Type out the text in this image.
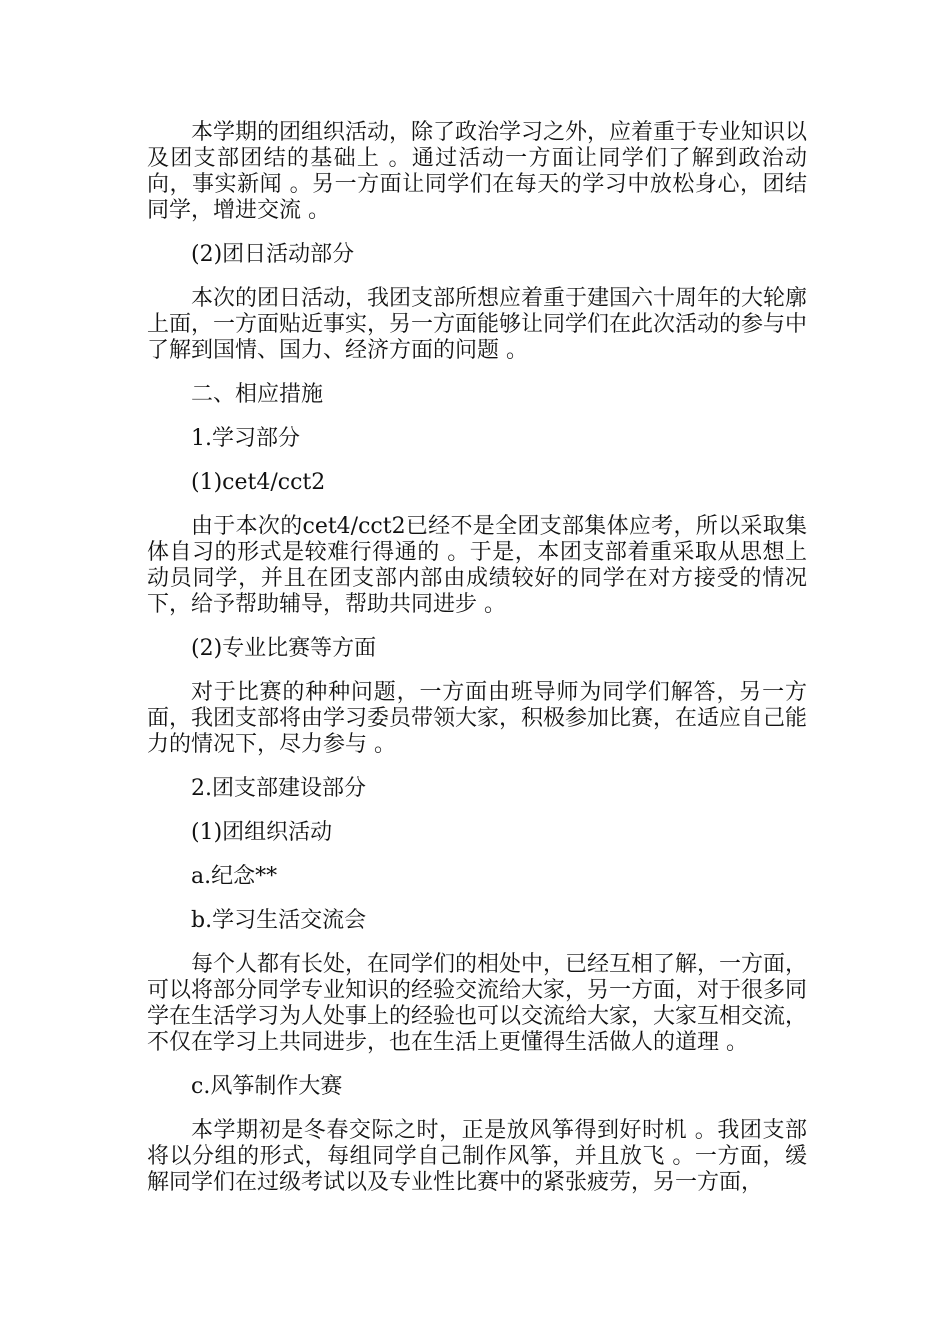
本学期的团组织活动，除了政治学习之外，应着重于专业知识以及团支部团结的基础上 。通过活动一方面让同学们了解到政治动向，事实新闻 。另一方面让同学们在每天的学习中放松身心，团结同学，增进交流 。

(2)团日活动部分

本次的团日活动，我团支部所想应着重于建国六十周年的大轮廓上面，一方面贴近事实，另一方面能够让同学们在此次活动的参与中了解到国情、国力、经济方面的问题 。

二、相应措施

1.学习部分

(1)cet4/cct2

由于本次的cet4/cct2已经不是全团支部集体应考，所以采取集体自习的形式是较难行得通的 。于是，本团支部着重采取从思想上动员同学，并且在团支部内部由成绩较好的同学在对方接受的情况下，给予帮助辅导，帮助共同进步 。

(2)专业比赛等方面

对于比赛的种种问题，一方面由班导师为同学们解答，另一方面，我团支部将由学习委员带领大家，积极参加比赛，在适应自己能力的情况下，尽力参与 。

2.团支部建设部分

(1)团组织活动

a.纪念**

b.学习生活交流会

每个人都有长处，在同学们的相处中，已经互相了解，一方面，可以将部分同学专业知识的经验交流给大家，另一方面，对于很多同学在生活学习为人处事上的经验也可以交流给大家，大家互相交流，不仅在学习上共同进步，也在生活上更懂得生活做人的道理 。

c.风筝制作大赛

本学期初是冬春交际之时，正是放风筝得到好时机 。我团支部将以分组的形式，每组同学自己制作风筝，并且放飞 。一方面，缓解同学们在过级考试以及专业性比赛中的紧张疲劳，另一方面，
